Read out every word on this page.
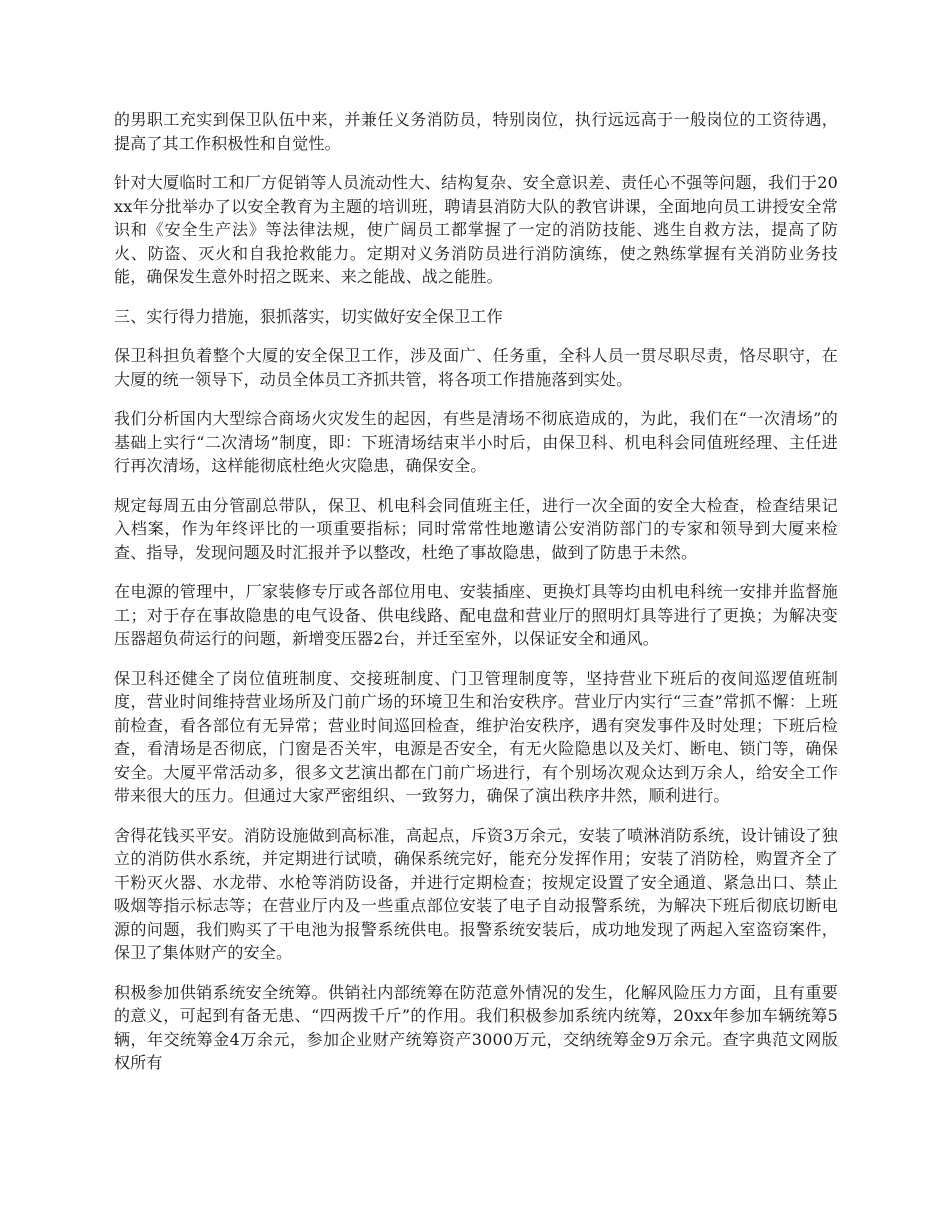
的男职工充实到保卫队伍中来，并兼任义务消防员，特别岗位，执行远远高于一般岗位的工资待遇，提高了其工作积极性和自觉性。

针对大厦临时工和厂方促销等人员流动性大、结构复杂、安全意识差、责任心不强等问题，我们于20xx年分批举办了以安全教育为主题的培训班，聘请县消防大队的教官讲课，全面地向员工讲授安全常识和《安全生产法》等法律法规，使广阔员工都掌握了一定的消防技能、逃生自救方法，提高了防火、防盗、灭火和自我抢救能力。定期对义务消防员进行消防演练，使之熟练掌握有关消防业务技能，确保发生意外时招之既来、来之能战、战之能胜。

三、实行得力措施，狠抓落实，切实做好安全保卫工作

保卫科担负着整个大厦的安全保卫工作，涉及面广、任务重，全科人员一贯尽职尽责，恪尽职守，在大厦的统一领导下，动员全体员工齐抓共管，将各项工作措施落到实处。

我们分析国内大型综合商场火灾发生的起因，有些是清场不彻底造成的，为此，我们在“一次清场”的基础上实行“二次清场”制度，即：下班清场结束半小时后，由保卫科、机电科会同值班经理、主任进行再次清场，这样能彻底杜绝火灾隐患，确保安全。

规定每周五由分管副总带队，保卫、机电科会同值班主任，进行一次全面的安全大检查，检查结果记入档案，作为年终评比的一项重要指标；同时常常性地邀请公安消防部门的专家和领导到大厦来检查、指导，发现问题及时汇报并予以整改，杜绝了事故隐患，做到了防患于未然。

在电源的管理中，厂家装修专厅或各部位用电、安装插座、更换灯具等均由机电科统一安排并监督施工；对于存在事故隐患的电气设备、供电线路、配电盘和营业厅的照明灯具等进行了更换；为解决变压器超负荷运行的问题，新增变压器2台，并迁至室外，以保证安全和通风。

保卫科还健全了岗位值班制度、交接班制度、门卫管理制度等，坚持营业下班后的夜间巡逻值班制度，营业时间维持营业场所及门前广场的环境卫生和治安秩序。营业厅内实行“三查”常抓不懈：上班前检查，看各部位有无异常；营业时间巡回检查，维护治安秩序，遇有突发事件及时处理；下班后检查，看清场是否彻底，门窗是否关牢，电源是否安全，有无火险隐患以及关灯、断电、锁门等，确保安全。大厦平常活动多，很多文艺演出都在门前广场进行，有个别场次观众达到万余人，给安全工作带来很大的压力。但通过大家严密组织、一致努力，确保了演出秩序井然，顺利进行。

舍得花钱买平安。消防设施做到高标准，高起点，斥资3万余元，安装了喷淋消防系统，设计铺设了独立的消防供水系统，并定期进行试喷，确保系统完好，能充分发挥作用；安装了消防栓，购置齐全了干粉灭火器、水龙带、水枪等消防设备，并进行定期检查；按规定设置了安全通道、紧急出口、禁止吸烟等指示标志等；在营业厅内及一些重点部位安装了电子自动报警系统，为解决下班后彻底切断电源的问题，我们购买了干电池为报警系统供电。报警系统安装后，成功地发现了两起入室盗窃案件，保卫了集体财产的安全。

积极参加供销系统安全统筹。供销社内部统筹在防范意外情况的发生，化解风险压力方面，且有重要的意义，可起到有备无患、“四两拨千斤”的作用。我们积极参加系统内统筹，20xx年参加车辆统筹5辆，年交统筹金4万余元，参加企业财产统筹资产3000万元，交纳统筹金9万余元。查字典范文网版权所有
